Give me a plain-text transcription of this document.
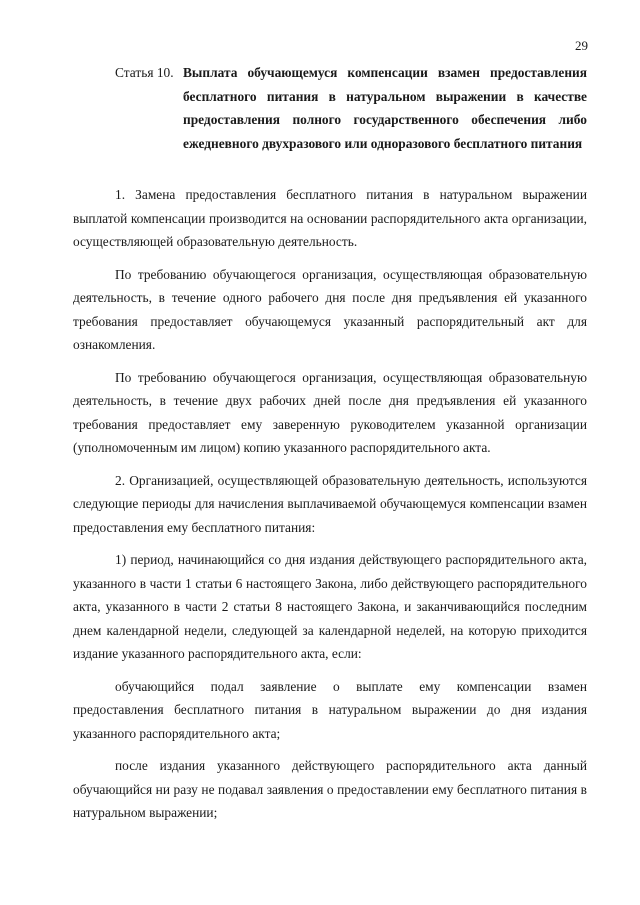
29
Статья 10. Выплата обучающемуся компенсации взамен предоставления бесплатного питания в натуральном выражении в качестве предоставления полного государственного обеспечения либо ежедневного двухразового или одноразового бесплатного питания

1. Замена предоставления бесплатного питания в натуральном выражении выплатой компенсации производится на основании распорядительного акта организации, осуществляющей образовательную деятельность.

По требованию обучающегося организация, осуществляющая образовательную деятельность, в течение одного рабочего дня после дня предъявления ей указанного требования предоставляет обучающемуся указанный распорядительный акт для ознакомления.

По требованию обучающегося организация, осуществляющая образовательную деятельность, в течение двух рабочих дней после дня предъявления ей указанного требования предоставляет ему заверенную руководителем указанной организации (уполномоченным им лицом) копию указанного распорядительного акта.

2. Организацией, осуществляющей образовательную деятельность, используются следующие периоды для начисления выплачиваемой обучающемуся компенсации взамен предоставления ему бесплатного питания:

1) период, начинающийся со дня издания действующего распорядительного акта, указанного в части 1 статьи 6 настоящего Закона, либо действующего распорядительного акта, указанного в части 2 статьи 8 настоящего Закона, и заканчивающийся последним днем календарной недели, следующей за календарной неделей, на которую приходится издание указанного распорядительного акта, если:

обучающийся подал заявление о выплате ему компенсации взамен предоставления бесплатного питания в натуральном выражении до дня издания указанного распорядительного акта;

после издания указанного действующего распорядительного акта данный обучающийся ни разу не подавал заявления о предоставлении ему бесплатного питания в натуральном выражении;
